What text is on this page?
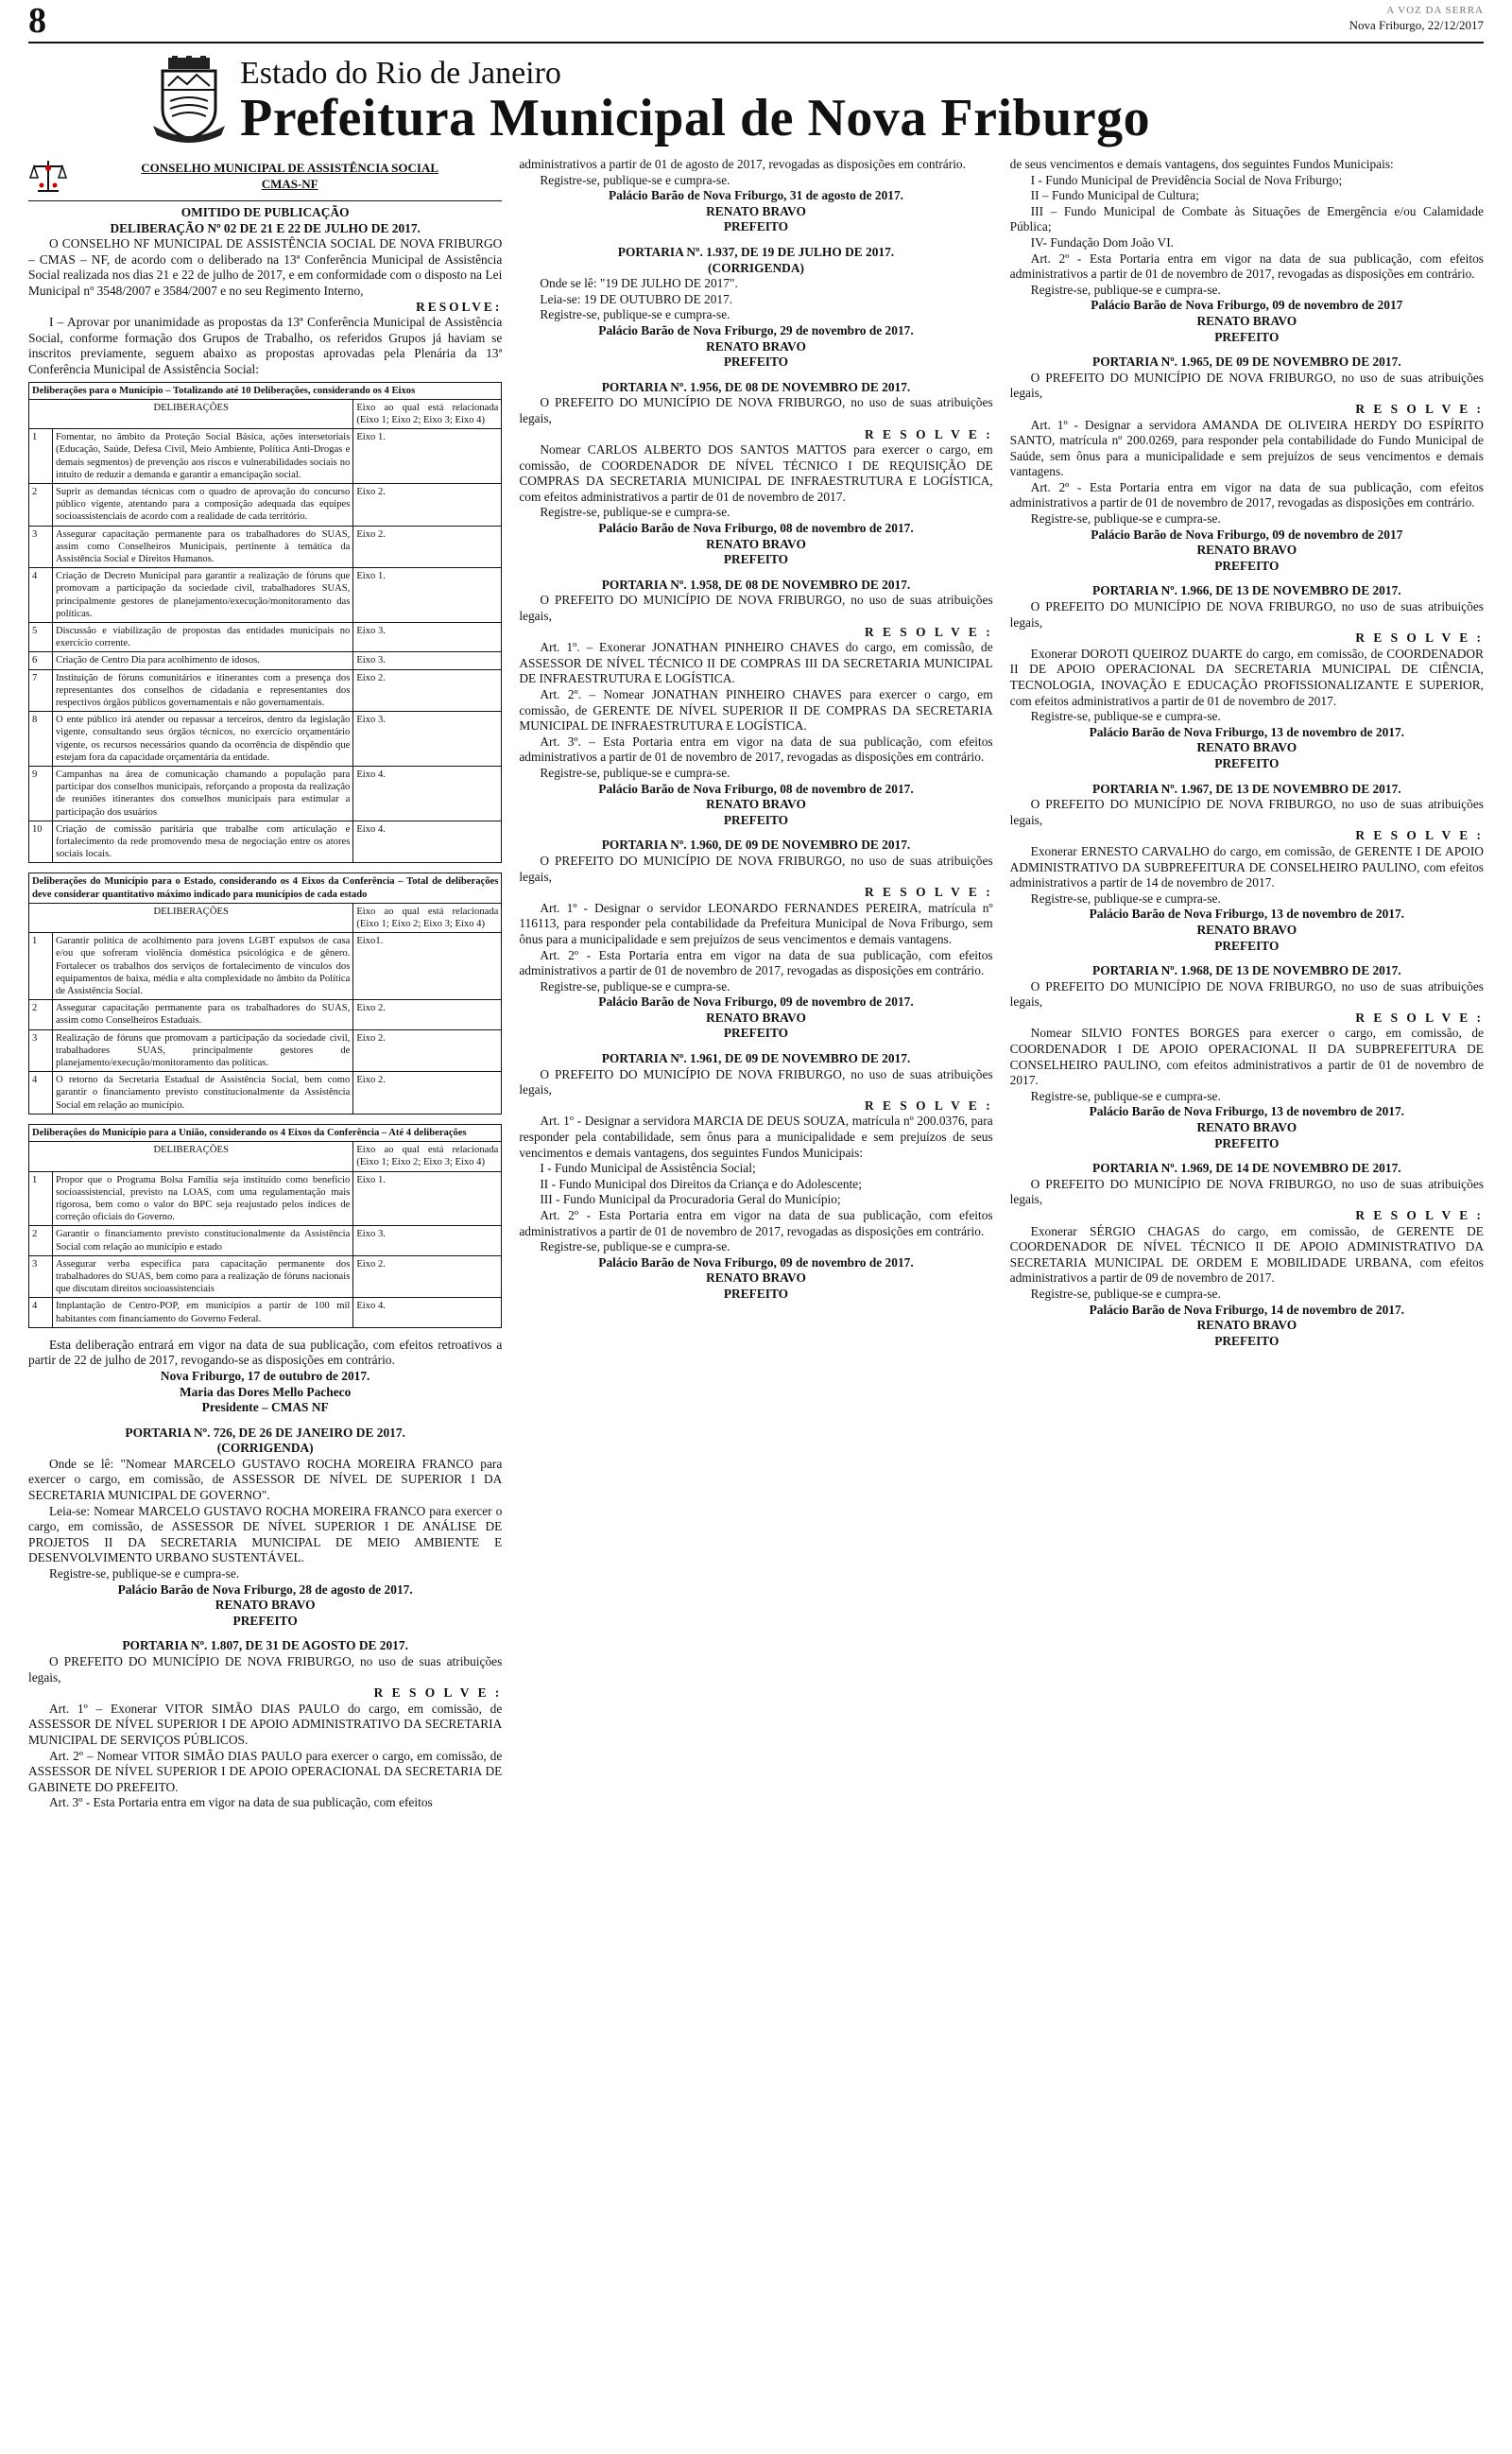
8	A VOZ DA SERRA
Nova Friburgo, 22/12/2017
Estado do Rio de Janeiro
Prefeitura Municipal de Nova Friburgo
CONSELHO MUNICIPAL DE ASSISTÊNCIA SOCIAL
CMAS-NF

OMITIDO DE PUBLICAÇÃO

DELIBERAÇÃO Nº 02 DE 21 E 22 DE JULHO DE 2017.

O CONSELHO NF MUNICIPAL DE ASSISTÊNCIA SOCIAL DE NOVA FRIBURGO – CMAS – NF, de acordo com o deliberado na 13ª Conferência Municipal de Assistência Social realizada nos dias 21 e 22 de julho de 2017, e em conformidade com o disposto na Lei Municipal nº 3548/2007 e 3584/2007 e no seu Regimento Interno,

RESOLVE:

I – Aprovar por unanimidade as propostas da 13ª Conferência Municipal de Assistência Social, conforme formação dos Grupos de Trabalho, os referidos Grupos já haviam se inscritos previamente, seguem abaixo as propostas aprovadas pela Plenária da 13ª Conferência Municipal de Assistência Social:

Deliberações para o Município – Totalizando até 10 Deliberações, considerando os 4 Eixos		
DELIBERAÇÕES		Eixo ao qual está relacionada (Eixo 1; Eixo 2; Eixo 3; Eixo 4)
1	Fomentar, no âmbito da Proteção Social Básica, ações intersetoriais (Educação, Saúde, Defesa Civil, Meio Ambiente, Política Anti-Drogas e demais segmentos) de prevenção aos riscos e vulnerabilidades sociais no intuito de reduzir a demanda e garantir a emancipação social.	Eixo 1.
2	Suprir as demandas técnicas com o quadro de aprovação do concurso público vigente, atentando para a composição adequada das equipes socioassistenciais de acordo com a realidade de cada território.	Eixo 2.
3	Assegurar capacitação permanente para os trabalhadores do SUAS, assim como Conselheiros Municipais, pertinente à temática da Assistência Social e Direitos Humanos.	Eixo 2.
4	Criação de Decreto Municipal para garantir a realização de fóruns que promovam a participação da sociedade civil, trabalhadores SUAS, principalmente gestores de planejamento/execução/monitoramento das políticas.	Eixo 1.
5	Discussão e viabilização de propostas das entidades municipais no exercício corrente.	Eixo 3.
6	Criação de Centro Dia para acolhimento de idosos.	Eixo 3.
7	Instituição de fóruns comunitários e itinerantes com a presença dos representantes dos conselhos de cidadania e representantes dos respectivos órgãos públicos governamentais e não governamentais.	Eixo 2.
8	O ente público irá atender ou repassar a terceiros, dentro da legislação vigente, consultando seus órgãos técnicos, no exercício orçamentário vigente, os recursos necessários quando da ocorrência de dispêndio que estejam fora da capacidade orçamentária da entidade.	Eixo 3.
9	Campanhas na área de comunicação chamando a população para participar dos conselhos municipais, reforçando a proposta da realização de reuniões itinerantes dos conselhos municipais para estimular a participação dos usuários	Eixo 4.
10	Criação de comissão paritária que trabalhe com articulação e fortalecimento da rede promovendo mesa de negociação entre os atores sociais locais.	Eixo 4.
Deliberações do Município para o Estado, considerando os 4 Eixos da Conferência – Total de deliberações deve considerar quantitativo máximo indicado para municípios de cada estado		
DELIBERAÇÕES		Eixo ao qual está relacionada (Eixo 1; Eixo 2; Eixo 3; Eixo 4)
1	Garantir política de acolhimento para jovens LGBT expulsos de casa e/ou que sofreram violência doméstica psicológica e de gênero. Fortalecer os trabalhos dos serviços de fortalecimento de vínculos dos equipamentos de baixa, média e alta complexidade no âmbito da Política de Assistência Social.	Eixo1.
2	Assegurar capacitação permanente para os trabalhadores do SUAS, assim como Conselheiros Estaduais.	Eixo 2.
3	Realização de fóruns que promovam a participação da sociedade civil, trabalhadores SUAS, principalmente gestores de planejamento/execução/monitoramento das políticas.	Eixo 2.
4	O retorno da Secretaria Estadual de Assistência Social, bem como garantir o financiamento previsto constitucionalmente da Assistência Social em relação ao município.	Eixo 2.
Deliberações do Município para a União, considerando os 4 Eixos da Conferência – Até 4 deliberações		
DELIBERAÇÕES		Eixo ao qual está relacionada (Eixo 1; Eixo 2; Eixo 3; Eixo 4)
1	Propor que o Programa Bolsa Família seja instituído como benefício socioassistencial, previsto na LOAS, com uma regulamentação mais rigorosa, bem como o valor do BPC seja reajustado pelos índices de correção oficiais do Governo.	Eixo 1.
2	Garantir o financiamento previsto constitucionalmente da Assistência Social com relação ao município e estado	Eixo 3.
3	Assegurar verba específica para capacitação permanente dos trabalhadores do SUAS, bem como para a realização de fóruns nacionais que discutam direitos socioassistenciais	Eixo 2.
4	Implantação de Centro-POP, em municípios a partir de 100 mil habitantes com financiamento do Governo Federal.	Eixo 4.

Esta deliberação entrará em vigor na data de sua publicação, com efeitos retroativos a partir de 22 de julho de 2017, revogando-se as disposições em contrário.

Nova Friburgo, 17 de outubro de 2017.

Maria das Dores Mello Pacheco

Presidente – CMAS NF

PORTARIA Nº. 726, DE 26 DE JANEIRO DE 2017.

(CORRIGENDA)

Onde se lê: "Nomear MARCELO GUSTAVO ROCHA MOREIRA FRANCO para exercer o cargo, em comissão, de ASSESSOR DE NÍVEL DE SUPERIOR I DA SECRETARIA MUNICIPAL DE GOVERNO".

Leia-se: Nomear MARCELO GUSTAVO ROCHA MOREIRA FRANCO para exercer o cargo, em comissão, de ASSESSOR DE NÍVEL SUPERIOR I DE ANÁLISE DE PROJETOS II DA SECRETARIA MUNICIPAL DE MEIO AMBIENTE E DESENVOLVIMENTO URBANO SUSTENTÁVEL.

Registre-se, publique-se e cumpra-se.

Palácio Barão de Nova Friburgo, 28 de agosto de 2017.

RENATO BRAVO

PREFEITO

PORTARIA Nº. 1.807, DE 31 DE AGOSTO DE 2017.

O PREFEITO DO MUNICÍPIO DE NOVA FRIBURGO, no uso de suas atribuições legais,

R E S O L V E :

Art. 1º – Exonerar VITOR SIMÃO DIAS PAULO do cargo, em comissão, de ASSESSOR DE NÍVEL SUPERIOR I DE APOIO ADMINISTRATIVO DA SECRETARIA MUNICIPAL DE SERVIÇOS PÚBLICOS.

Art. 2º – Nomear VITOR SIMÃO DIAS PAULO para exercer o cargo, em comissão, de ASSESSOR DE NÍVEL SUPERIOR I DE APOIO OPERACIONAL DA SECRETARIA DE GABINETE DO PREFEITO.

Art. 3º - Esta Portaria entra em vigor na data de sua publicação, com efeitos

administrativos a partir de 01 de agosto de 2017, revogadas as disposições em contrário.

Registre-se, publique-se e cumpra-se.

Palácio Barão de Nova Friburgo, 31 de agosto de 2017.

RENATO BRAVO

PREFEITO

PORTARIA Nº. 1.937, DE 19 DE JULHO DE 2017.

(CORRIGENDA)

Onde se lê: "19 DE JULHO DE 2017".

Leia-se: 19 DE OUTUBRO DE 2017.

Registre-se, publique-se e cumpra-se.

Palácio Barão de Nova Friburgo, 29 de novembro de 2017.

RENATO BRAVO

PREFEITO

PORTARIA Nº. 1.956, DE 08 DE NOVEMBRO DE 2017.

O PREFEITO DO MUNICÍPIO DE NOVA FRIBURGO, no uso de suas atribuições legais,

R E S O L V E :

Nomear CARLOS ALBERTO DOS SANTOS MATTOS para exercer o cargo, em comissão, de COORDENADOR DE NÍVEL TÉCNICO I DE REQUISIÇÃO DE COMPRAS DA SECRETARIA MUNICIPAL DE INFRAESTRUTURA E LOGÍSTICA, com efeitos administrativos a partir de 01 de novembro de 2017.

Registre-se, publique-se e cumpra-se.

Palácio Barão de Nova Friburgo, 08 de novembro de 2017.

RENATO BRAVO

PREFEITO

PORTARIA Nº. 1.958, DE 08 DE NOVEMBRO DE 2017.

O PREFEITO DO MUNICÍPIO DE NOVA FRIBURGO, no uso de suas atribuições legais,

R E S O L V E :

Art. 1º. – Exonerar JONATHAN PINHEIRO CHAVES do cargo, em comissão, de ASSESSOR DE NÍVEL TÉCNICO II DE COMPRAS III DA SECRETARIA MUNICIPAL DE INFRAESTRUTURA E LOGÍSTICA.

Art. 2º. – Nomear JONATHAN PINHEIRO CHAVES para exercer o cargo, em comissão, de GERENTE DE NÍVEL SUPERIOR II DE COMPRAS DA SECRETARIA MUNICIPAL DE INFRAESTRUTURA E LOGÍSTICA.

Art. 3º. – Esta Portaria entra em vigor na data de sua publicação, com efeitos administrativos a partir de 01 de novembro de 2017, revogadas as disposições em contrário.

Registre-se, publique-se e cumpra-se.

Palácio Barão de Nova Friburgo, 08 de novembro de 2017.

RENATO BRAVO

PREFEITO

PORTARIA Nº. 1.960, DE 09 DE NOVEMBRO DE 2017.

O PREFEITO DO MUNICÍPIO DE NOVA FRIBURGO, no uso de suas atribuições legais,

R E S O L V E :

Art. 1º - Designar o servidor LEONARDO FERNANDES PEREIRA, matrícula nº 116113, para responder pela contabilidade da Prefeitura Municipal de Nova Friburgo, sem ônus para a municipalidade e sem prejuízos de seus vencimentos e demais vantagens.

Art. 2º - Esta Portaria entra em vigor na data de sua publicação, com efeitos administrativos a partir de 01 de novembro de 2017, revogadas as disposições em contrário.

Registre-se, publique-se e cumpra-se.

Palácio Barão de Nova Friburgo, 09 de novembro de 2017.

RENATO BRAVO

PREFEITO

PORTARIA Nº. 1.961, DE 09 DE NOVEMBRO DE 2017.

O PREFEITO DO MUNICÍPIO DE NOVA FRIBURGO, no uso de suas atribuições legais,

R E S O L V E :

Art. 1º - Designar a servidora MARCIA DE DEUS SOUZA, matrícula nº 200.0376, para responder pela contabilidade, sem ônus para a municipalidade e sem prejuízos de seus vencimentos e demais vantagens, dos seguintes Fundos Municipais:

I - Fundo Municipal de Assistência Social;

II - Fundo Municipal dos Direitos da Criança e do Adolescente;

III - Fundo Municipal da Procuradoria Geral do Município;

Art. 2º - Esta Portaria entra em vigor na data de sua publicação, com efeitos administrativos a partir de 01 de novembro de 2017, revogadas as disposições em contrário.

Registre-se, publique-se e cumpra-se.

Palácio Barão de Nova Friburgo, 09 de novembro de 2017.

RENATO BRAVO

PREFEITO

de seus vencimentos e demais vantagens, dos seguintes Fundos Municipais:

I - Fundo Municipal de Previdência Social de Nova Friburgo;

II – Fundo Municipal de Cultura;

III – Fundo Municipal de Combate às Situações de Emergência e/ou Calamidade Pública;

IV- Fundação Dom João VI.

Art. 2º - Esta Portaria entra em vigor na data de sua publicação, com efeitos administrativos a partir de 01 de novembro de 2017, revogadas as disposições em contrário.

Registre-se, publique-se e cumpra-se.

Palácio Barão de Nova Friburgo, 09 de novembro de 2017

RENATO BRAVO

PREFEITO

PORTARIA Nº. 1.965, DE 09 DE NOVEMBRO DE 2017.

O PREFEITO DO MUNICÍPIO DE NOVA FRIBURGO, no uso de suas atribuições legais,

R E S O L V E :

Art. 1º - Designar a servidora AMANDA DE OLIVEIRA HERDY DO ESPÍRITO SANTO, matrícula nº 200.0269, para responder pela contabilidade do Fundo Municipal de Saúde, sem ônus para a municipalidade e sem prejuízos de seus vencimentos e demais vantagens.

Art. 2º - Esta Portaria entra em vigor na data de sua publicação, com efeitos administrativos a partir de 01 de novembro de 2017, revogadas as disposições em contrário.

Registre-se, publique-se e cumpra-se.

Palácio Barão de Nova Friburgo, 09 de novembro de 2017

RENATO BRAVO

PREFEITO

PORTARIA Nº. 1.966, DE 13 DE NOVEMBRO DE 2017.

O PREFEITO DO MUNICÍPIO DE NOVA FRIBURGO, no uso de suas atribuições legais,

R E S O L V E :

Exonerar DOROTI QUEIROZ DUARTE do cargo, em comissão, de COORDENADOR II DE APOIO OPERACIONAL DA SECRETARIA MUNICIPAL DE CIÊNCIA, TECNOLOGIA, INOVAÇÃO E EDUCAÇÃO PROFISSIONALIZANTE E SUPERIOR, com efeitos administrativos a partir de 01 de novembro de 2017.

Registre-se, publique-se e cumpra-se.

Palácio Barão de Nova Friburgo, 13 de novembro de 2017.

RENATO BRAVO

PREFEITO

PORTARIA Nº. 1.967, DE 13 DE NOVEMBRO DE 2017.

O PREFEITO DO MUNICÍPIO DE NOVA FRIBURGO, no uso de suas atribuições legais,

R E S O L V E :

Exonerar ERNESTO CARVALHO do cargo, em comissão, de GERENTE I DE APOIO ADMINISTRATIVO DA SUBPREFEITURA DE CONSELHEIRO PAULINO, com efeitos administrativos a partir de 14 de novembro de 2017.

Registre-se, publique-se e cumpra-se.

Palácio Barão de Nova Friburgo, 13 de novembro de 2017.

RENATO BRAVO

PREFEITO

PORTARIA Nº. 1.968, DE 13 DE NOVEMBRO DE 2017.

O PREFEITO DO MUNICÍPIO DE NOVA FRIBURGO, no uso de suas atribuições legais,

R E S O L V E :

Nomear SILVIO FONTES BORGES para exercer o cargo, em comissão, de COORDENADOR I DE APOIO OPERACIONAL II DA SUBPREFEITURA DE CONSELHEIRO PAULINO, com efeitos administrativos a partir de 01 de novembro de 2017.

Registre-se, publique-se e cumpra-se.

Palácio Barão de Nova Friburgo, 13 de novembro de 2017.

RENATO BRAVO

PREFEITO

PORTARIA Nº. 1.969, DE 14 DE NOVEMBRO DE 2017.

O PREFEITO DO MUNICÍPIO DE NOVA FRIBURGO, no uso de suas atribuições legais,

R E S O L V E :

Exonerar SÉRGIO CHAGAS do cargo, em comissão, de GERENTE DE COORDENADOR DE NÍVEL TÉCNICO II DE APOIO ADMINISTRATIVO DA SECRETARIA MUNICIPAL DE ORDEM E MOBILIDADE URBANA, com efeitos administrativos a partir de 09 de novembro de 2017.

Registre-se, publique-se e cumpra-se.

Palácio Barão de Nova Friburgo, 14 de novembro de 2017.

RENATO BRAVO

PREFEITO
